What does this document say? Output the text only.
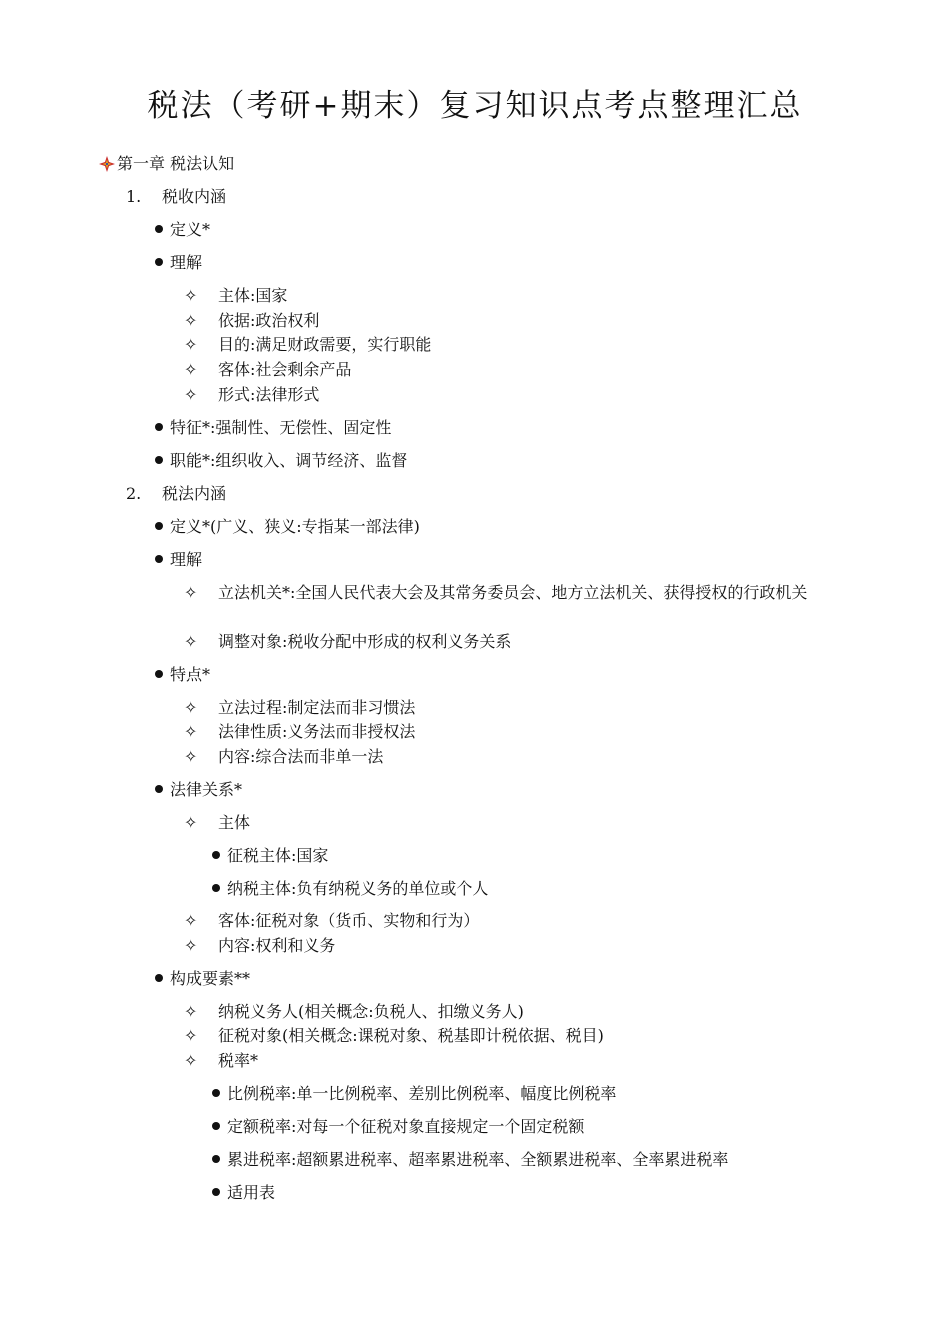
税法（考研+期末）复习知识点考点整理汇总
第一章 税法认知
1. 税收内涵
定义*
理解
✧ 主体:国家
✧ 依据:政治权利
✧ 目的:满足财政需要，实行职能
✧ 客体:社会剩余产品
✧ 形式:法律形式
特征*:强制性、无偿性、固定性
职能*:组织收入、调节经济、监督
2. 税法内涵
定义*(广义、狭义:专指某一部法律)
理解
✧ 立法机关*:全国人民代表大会及其常务委员会、地方立法机关、获得授权的行政机关
✧ 调整对象:税收分配中形成的权利义务关系
特点*
✧ 立法过程:制定法而非习惯法
✧ 法律性质:义务法而非授权法
✧ 内容:综合法而非单一法
法律关系*
✧ 主体
征税主体:国家
纳税主体:负有纳税义务的单位或个人
✧ 客体:征税对象（货币、实物和行为）
✧ 内容:权利和义务
构成要素**
✧ 纳税义务人(相关概念:负税人、扣缴义务人)
✧ 征税对象(相关概念:课税对象、税基即计税依据、税目)
✧ 税率*
比例税率:单一比例税率、差别比例税率、幅度比例税率
定额税率:对每一个征税对象直接规定一个固定税额
累进税率:超额累进税率、超率累进税率、全额累进税率、全率累进税率
适用表
